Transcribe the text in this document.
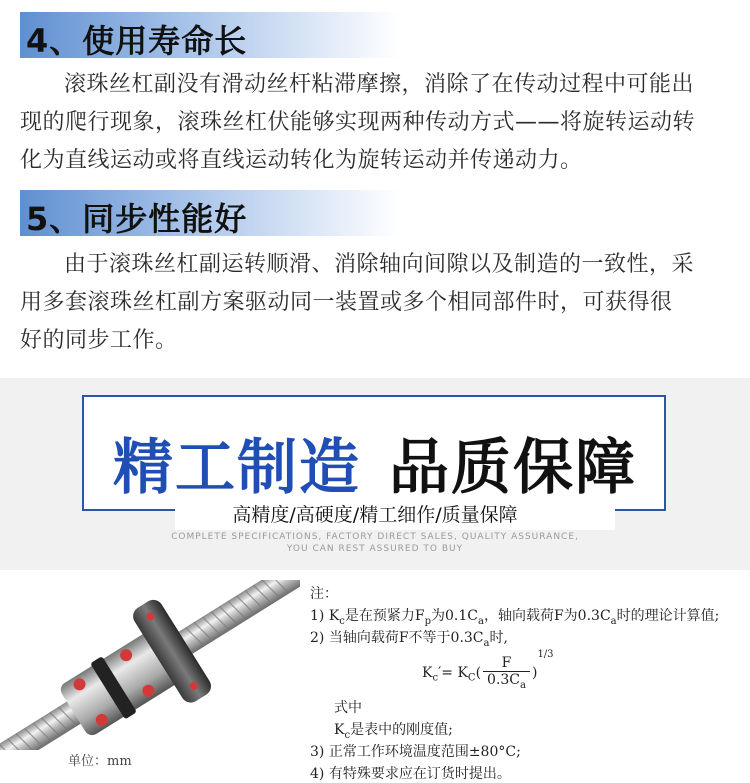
4、使用寿命长
滚珠丝杠副没有滑动丝杆粘滞摩擦，消除了在传动过程中可能出
现的爬行现象，滚珠丝杠伏能够实现两种传动方式——将旋转运动转
化为直线运动或将直线运动转化为旋转运动并传递动力。
5、同步性能好
由于滚珠丝杠副运转顺滑、消除轴向间隙以及制造的一致性，采
用多套滚珠丝杠副方案驱动同一装置或多个相同部件时，可获得很
好的同步工作。
精工制造 品质保障
高精度/高硬度/精工细作/质量保障
COMPLETE SPECIFICATIONS, FACTORY DIRECT SALES, QUALITY ASSURANCE,
YOU CAN REST ASSURED TO BUY
单位：mm
注：
1) $K_c$是在预紧力$F_p$为$0.1C_a$，轴向载荷F为$0.3C_a$时的理论计算值;
2) 当轴向载荷F不等于$0.3C_a$时,
$K_c'= K_C( \frac{F}{0.3C_a} )^{1/3}$
式中
$K_c$是表中的刚度值;
3) 正常工作环境温度范围±80°C;
4) 有特殊要求应在订货时提出。
